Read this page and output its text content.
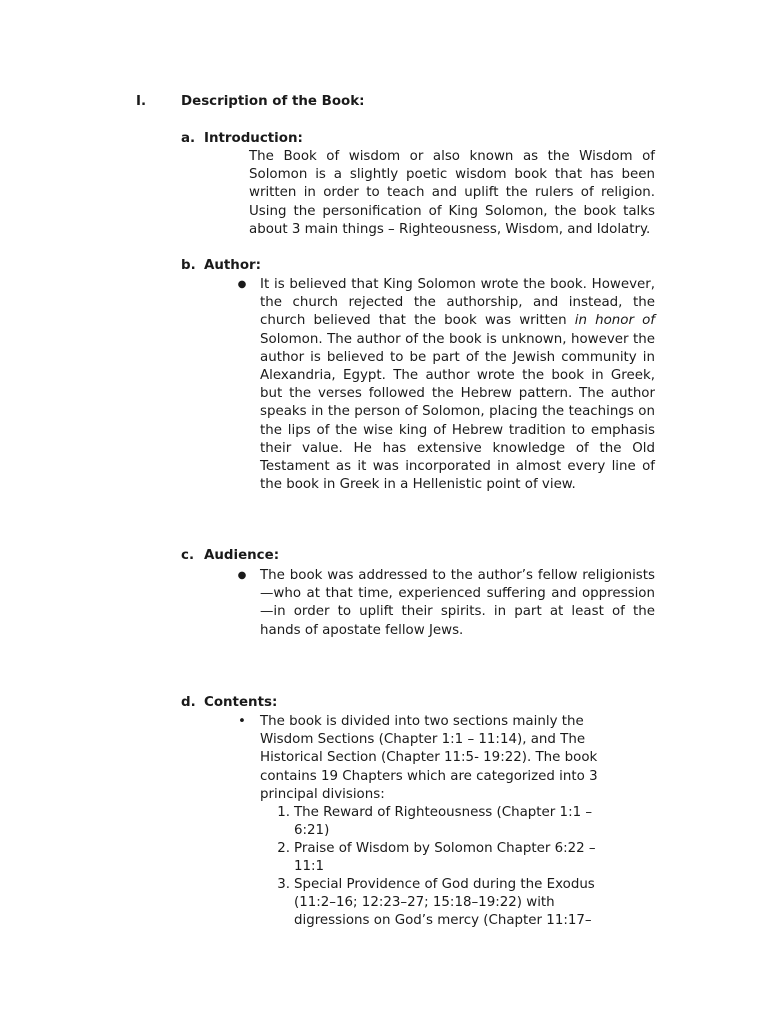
I.	Description of the Book:
a. Introduction:
The Book of wisdom or also known as the Wisdom of Solomon is a slightly poetic wisdom book that has been written in order to teach and uplift the rulers of religion. Using the personification of King Solomon, the book talks about 3 main things – Righteousness, Wisdom, and Idolatry.
b. Author:
● It is believed that King Solomon wrote the book. However, the church rejected the authorship, and instead, the church believed that the book was written in honor of Solomon. The author of the book is unknown, however the author is believed to be part of the Jewish community in Alexandria, Egypt. The author wrote the book in Greek, but the verses followed the Hebrew pattern. The author speaks in the person of Solomon, placing the teachings on the lips of the wise king of Hebrew tradition to emphasis their value. He has extensive knowledge of the Old Testament as it was incorporated in almost every line of the book in Greek in a Hellenistic point of view.
c. Audience:
● The book was addressed to the author’s fellow religionists—who at that time, experienced suffering and oppression—in order to uplift their spirits. in part at least of the hands of apostate fellow Jews.
d. Contents:
• The book is divided into two sections mainly the Wisdom Sections (Chapter 1:1 – 11:14), and The Historical Section (Chapter 11:5- 19:22). The book contains 19 Chapters which are categorized into 3 principal divisions:
1. The Reward of Righteousness (Chapter 1:1 –
6:21)
2. Praise of Wisdom by Solomon Chapter 6:22 –
11:1
3. Special Providence of God during the Exodus
(11:2–16; 12:23–27; 15:18–19:22) with
digressions on God’s mercy (Chapter 11:17–
